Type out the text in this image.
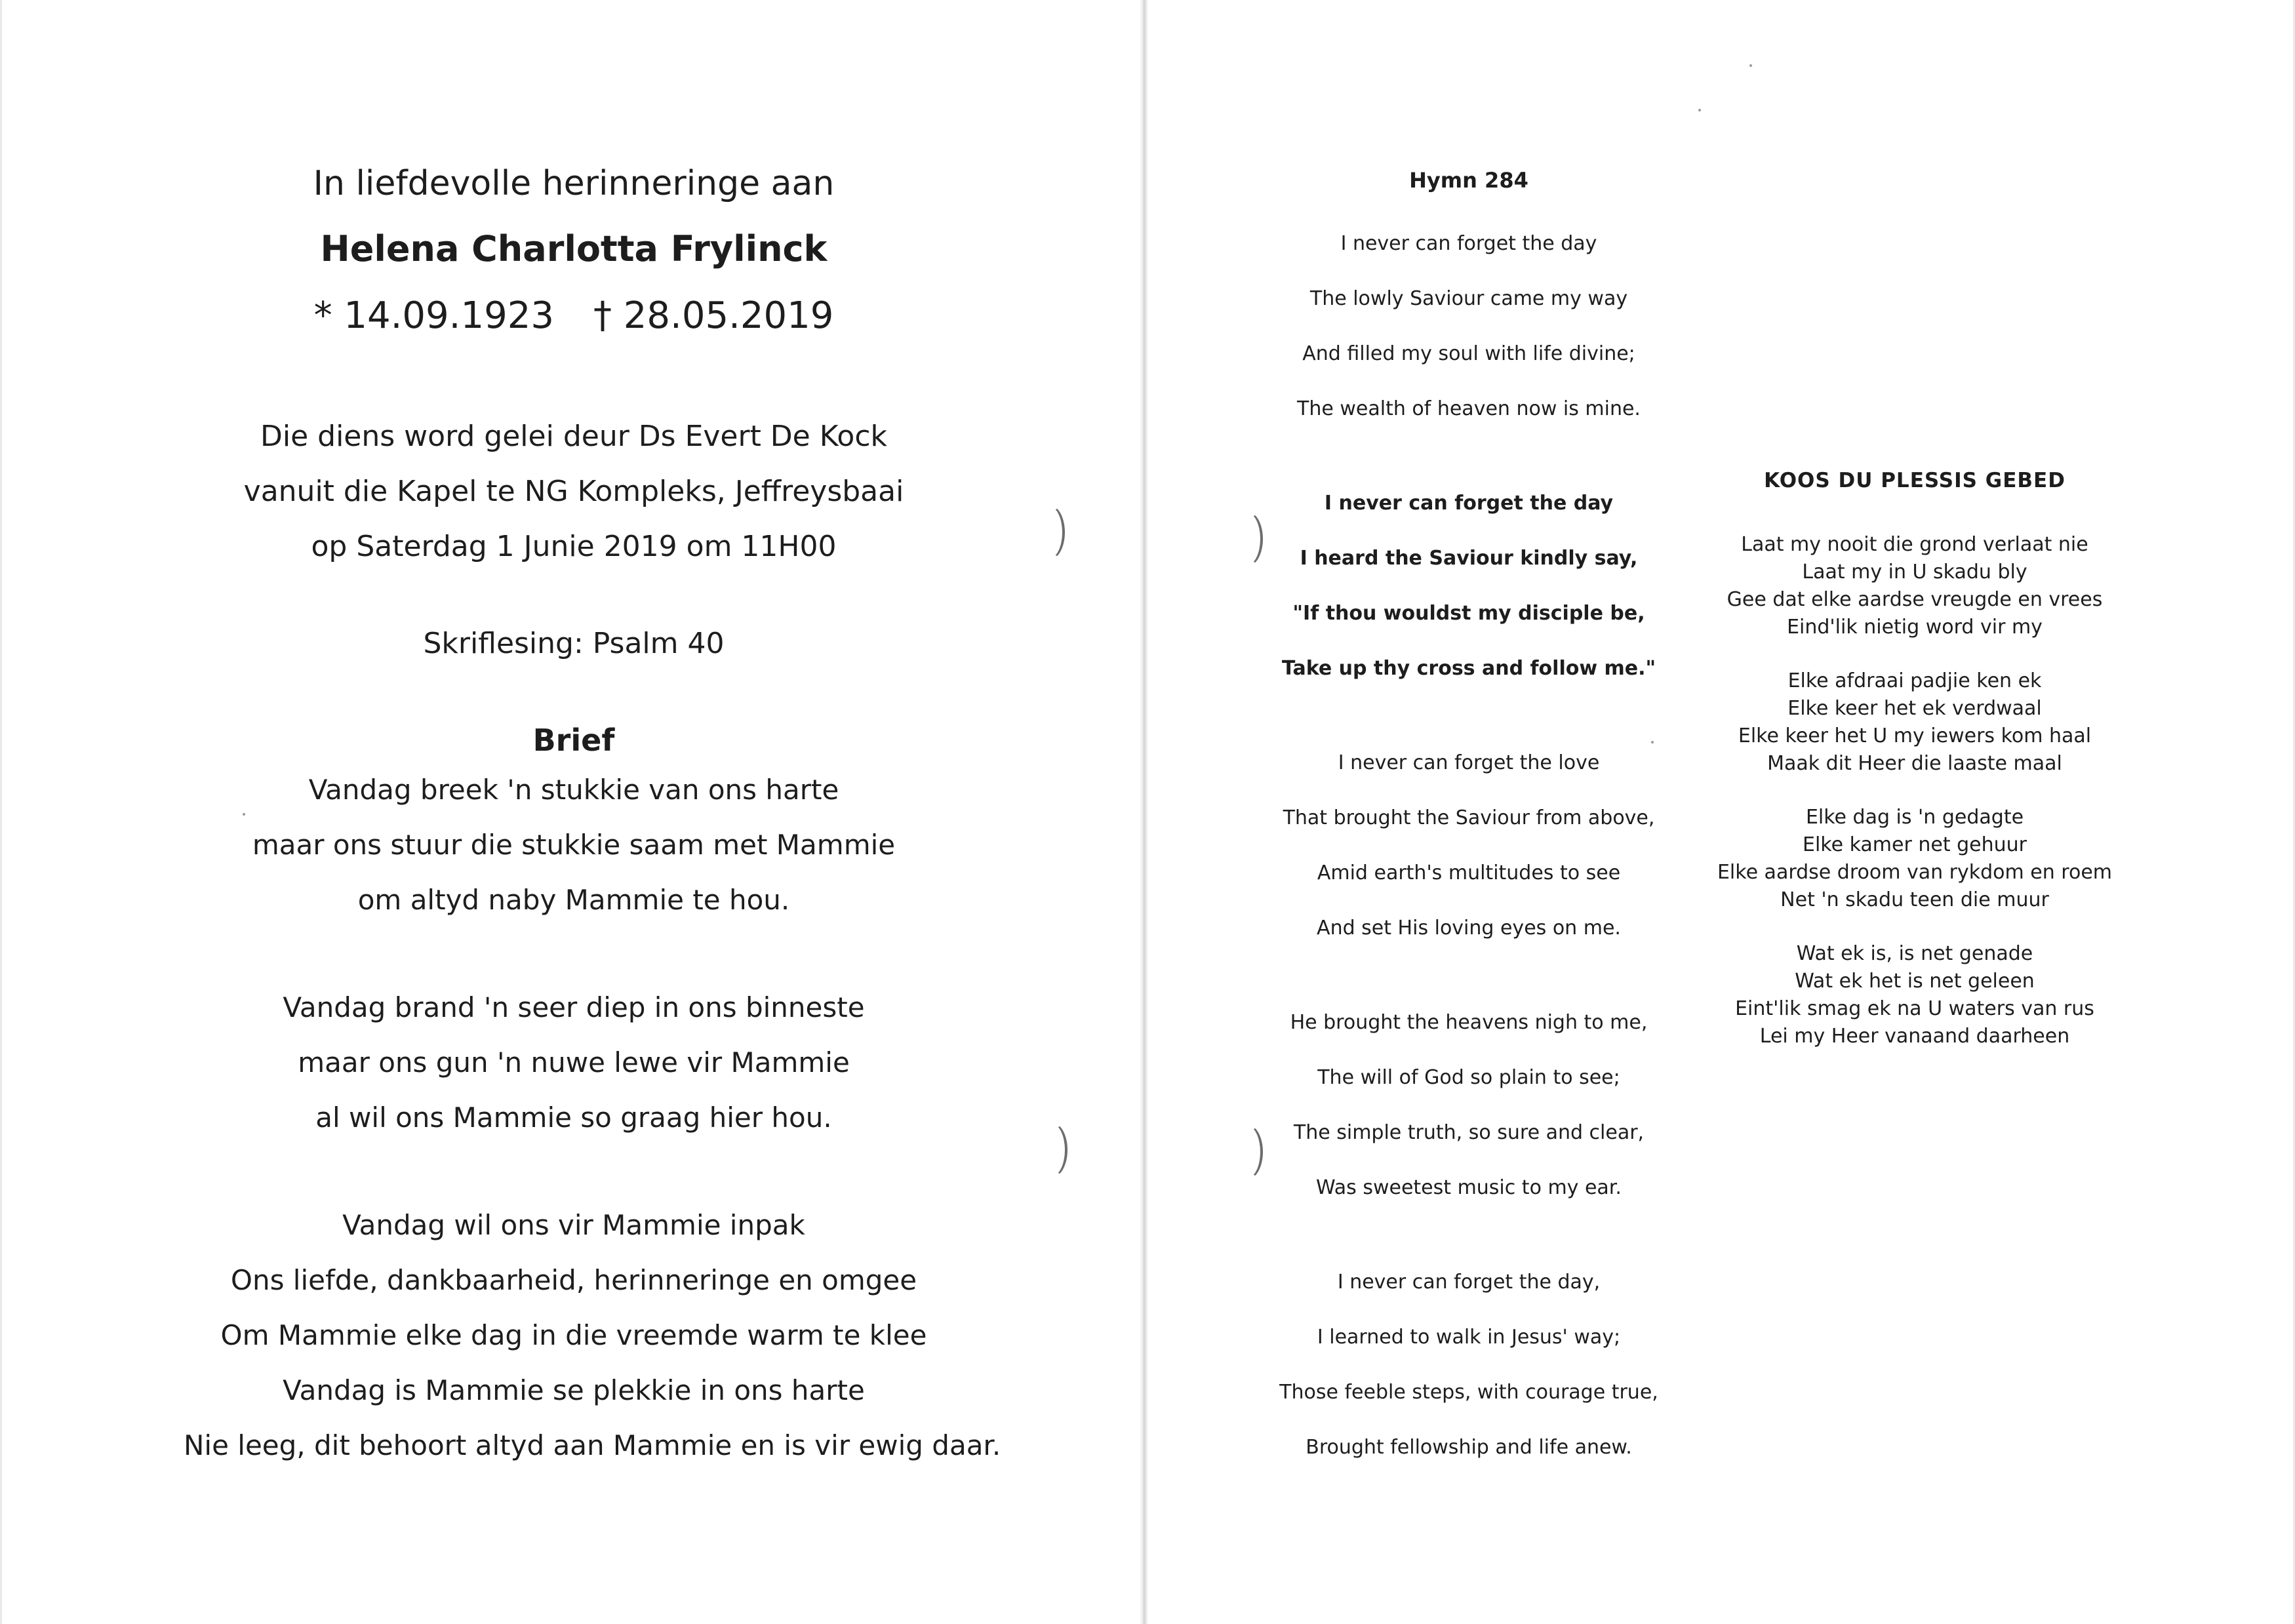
In liefdevolle herinneringe aan
Helena Charlotta Frylinck
* 14.09.1923 † 28.05.2019
Die diens word gelei deur Ds Evert De Kock
vanuit die Kapel te NG Kompleks, Jeffreysbaai
op Saterdag 1 Junie 2019 om 11H00
Skriflesing: Psalm 40
Brief
Vandag breek 'n stukkie van ons harte
maar ons stuur die stukkie saam met Mammie
om altyd naby Mammie te hou.
Vandag brand 'n seer diep in ons binneste
maar ons gun 'n nuwe lewe vir Mammie
al wil ons Mammie so graag hier hou.
Vandag wil ons vir Mammie inpak
Ons liefde, dankbaarheid, herinneringe en omgee
Om Mammie elke dag in die vreemde warm te klee
Vandag is Mammie se plekkie in ons harte
Nie leeg, dit behoort altyd aan Mammie en is vir ewig daar.
Hymn 284
I never can forget the day
The lowly Saviour came my way
And filled my soul with life divine;
The wealth of heaven now is mine.
I never can forget the day
I heard the Saviour kindly say,
"If thou wouldst my disciple be,
Take up thy cross and follow me."
I never can forget the love
That brought the Saviour from above,
Amid earth's multitudes to see
And set His loving eyes on me.
He brought the heavens nigh to me,
The will of God so plain to see;
The simple truth, so sure and clear,
Was sweetest music to my ear.
I never can forget the day,
I learned to walk in Jesus' way;
Those feeble steps, with courage true,
Brought fellowship and life anew.
KOOS DU PLESSIS GEBED
Laat my nooit die grond verlaat nie
Laat my in U skadu bly
Gee dat elke aardse vreugde en vrees
Eind'lik nietig word vir my
Elke afdraai padjie ken ek
Elke keer het ek verdwaal
Elke keer het U my iewers kom haal
Maak dit Heer die laaste maal
Elke dag is 'n gedagte
Elke kamer net gehuur
Elke aardse droom van rykdom en roem
Net 'n skadu teen die muur
Wat ek is, is net genade
Wat ek het is net geleen
Eint'lik smag ek na U waters van rus
Lei my Heer vanaand daarheen
